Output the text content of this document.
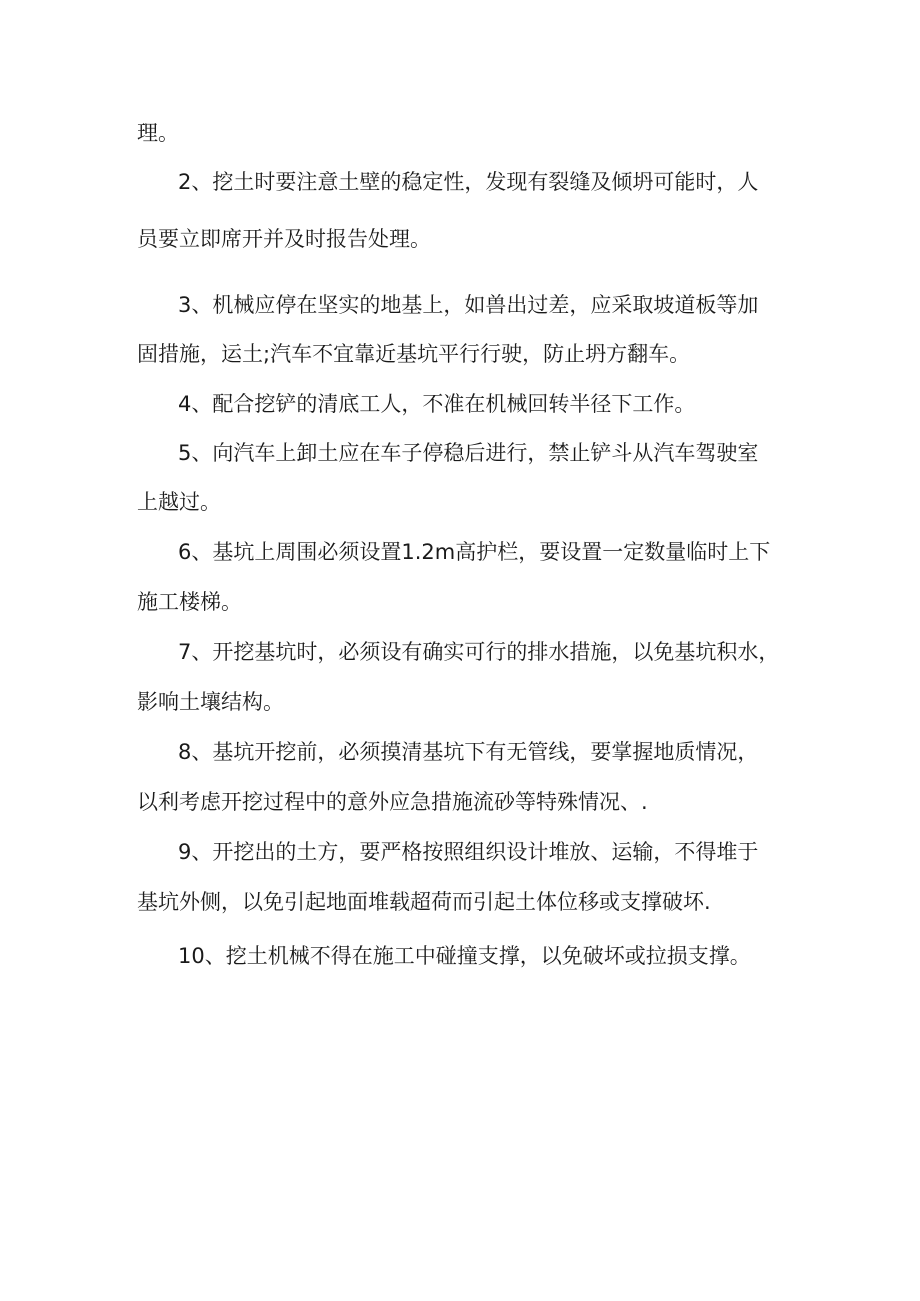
理。

2、挖土时要注意土壁的稳定性，发现有裂缝及倾坍可能时，人

员要立即席开并及时报告处理。

3、机械应停在坚实的地基上，如兽出过差，应采取坡道板等加

固措施，运土;汽车不宜靠近基坑平行行驶，防止坍方翻车。

4、配合挖铲的清底工人，不准在机械回转半径下工作。

5、向汽车上卸土应在车子停稳后进行，禁止铲斗从汽车驾驶室

上越过。

6、基坑上周围必须设置1.2m高护栏，要设置一定数量临时上下

施工楼梯。

7、开挖基坑时，必须设有确实可行的排水措施，以免基坑积水，

影响土壤结构。

8、基坑开挖前，必须摸清基坑下有无管线，要掌握地质情况，

以利考虑开挖过程中的意外应急措施流砂等特殊情况、.

9、开挖出的土方，要严格按照组织设计堆放、运输，不得堆于

基坑外侧，以免引起地面堆载超荷而引起土体位移或支撑破坏.

10、挖土机械不得在施工中碰撞支撑，以免破坏或拉损支撑。
